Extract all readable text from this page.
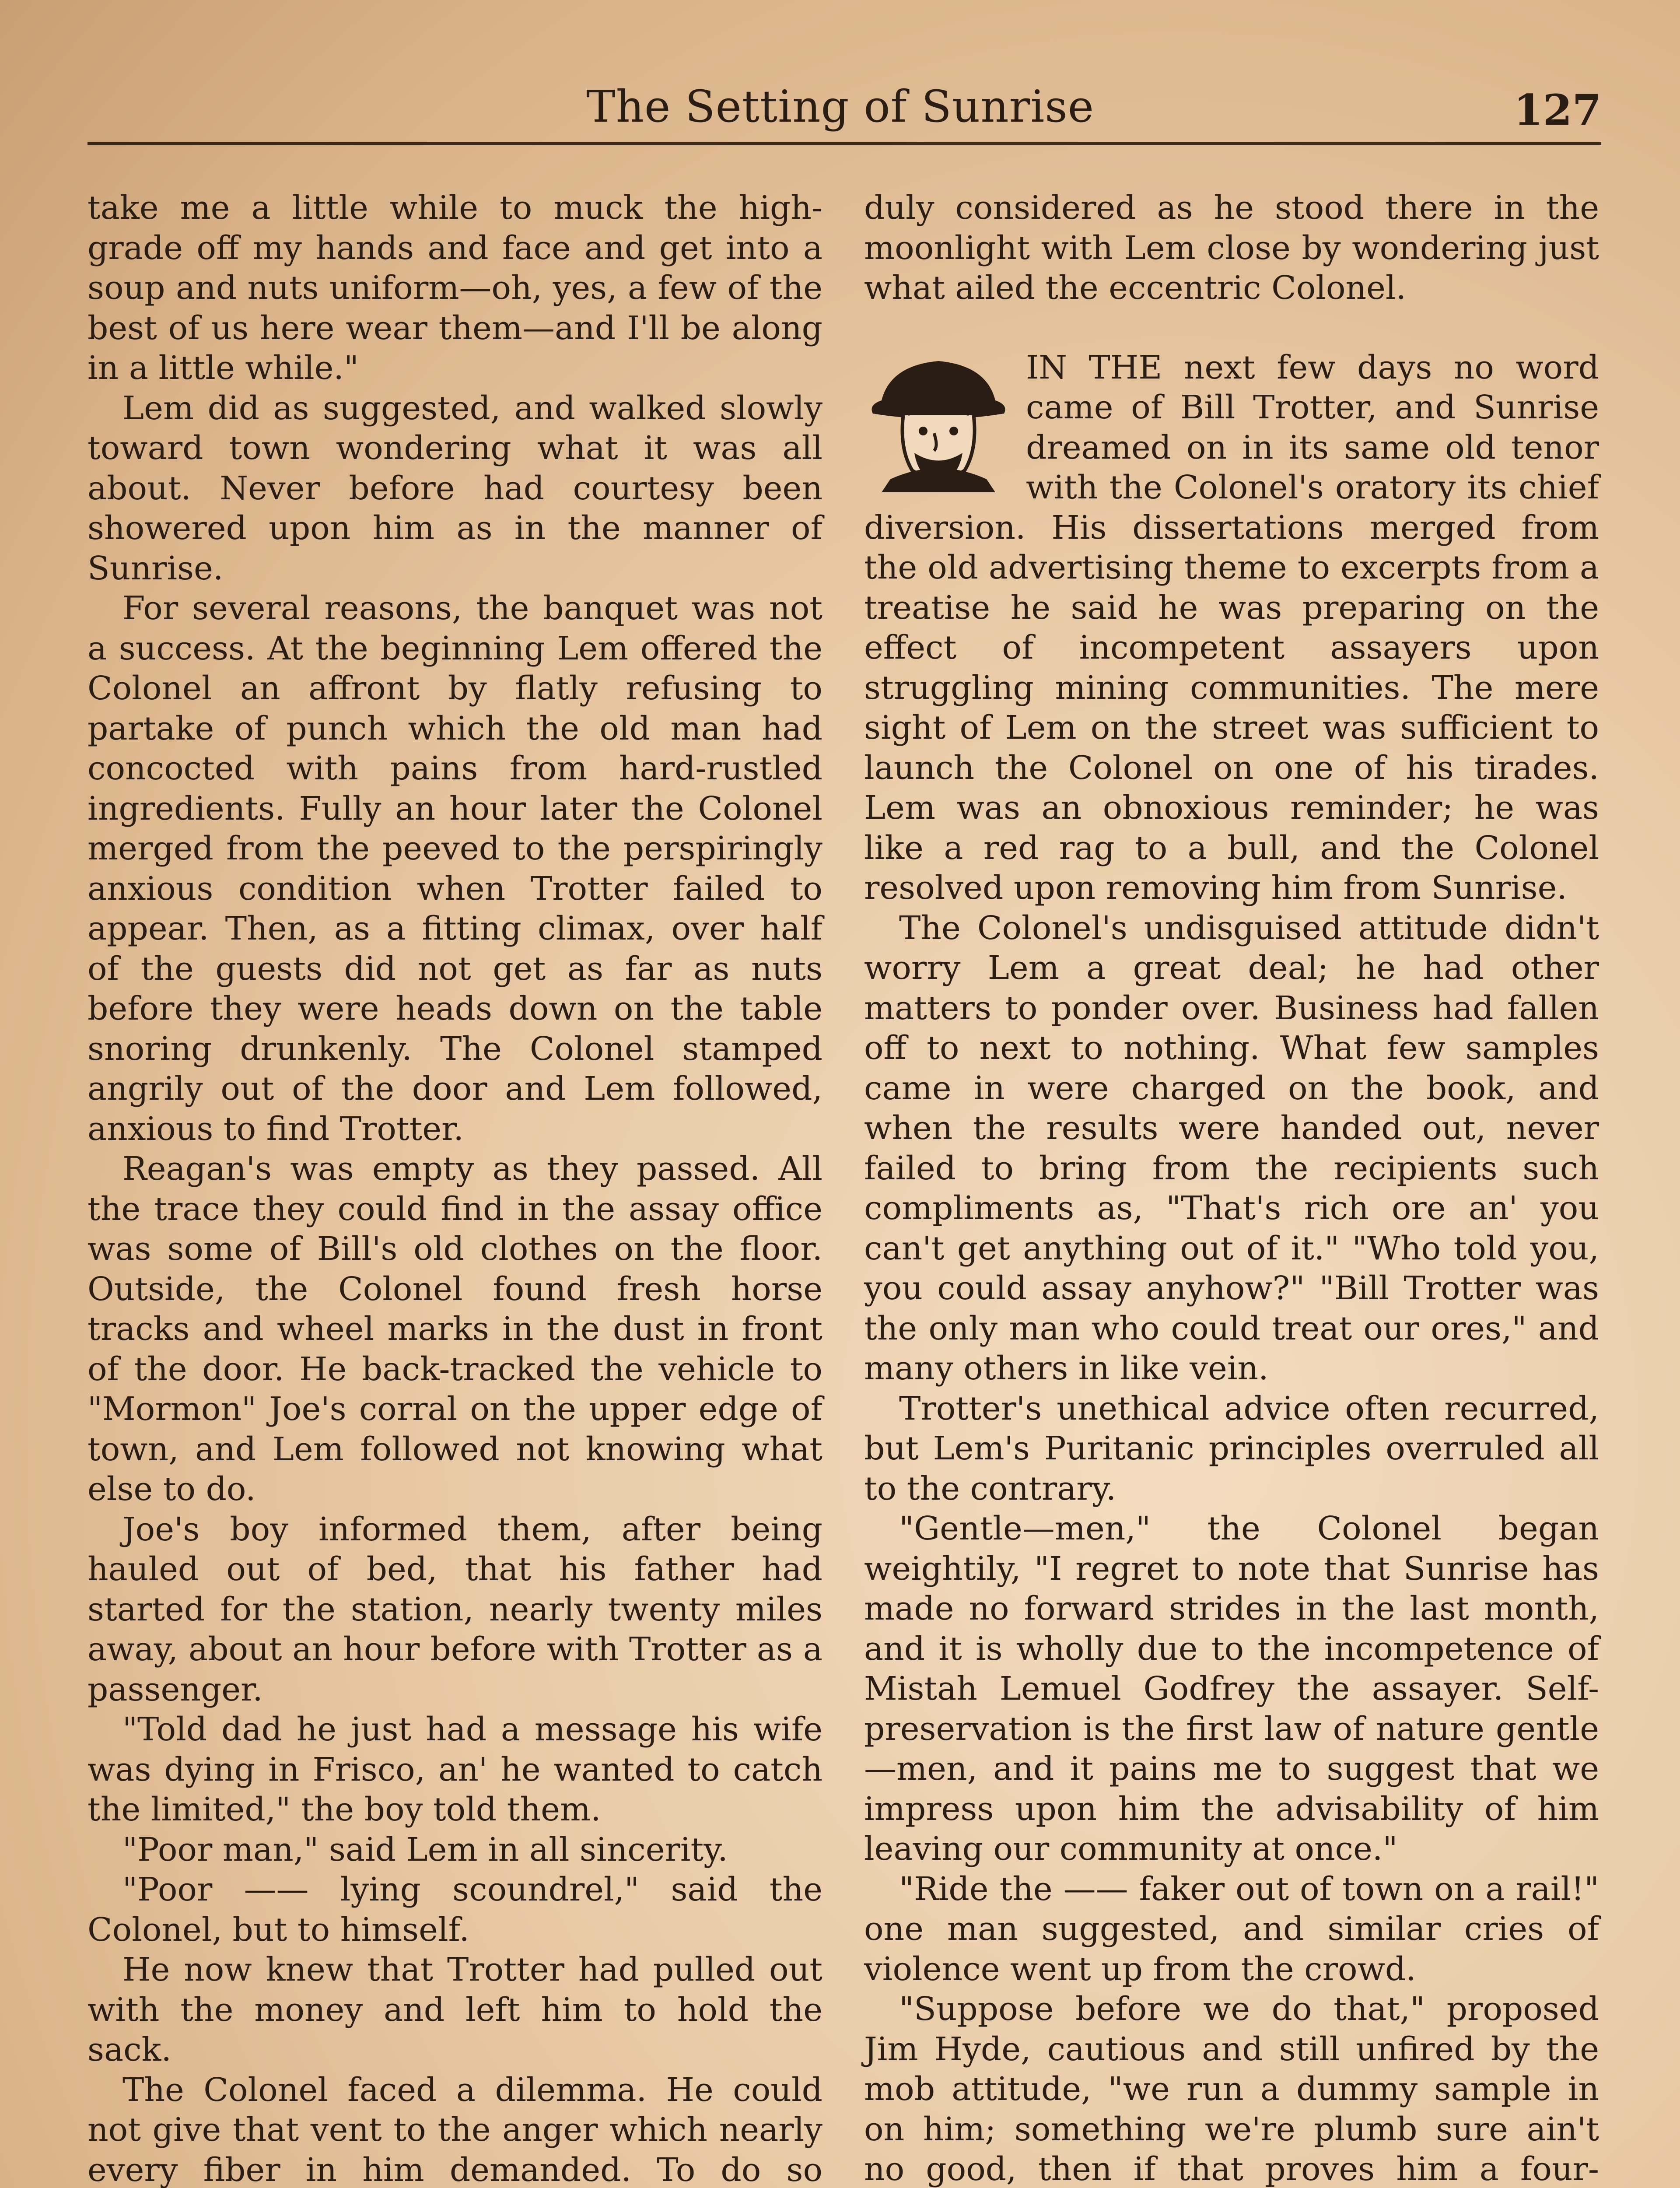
The Setting of Sunrise	127

take me a little while to muck the high-grade off my hands and face and get into a soup and nuts uniform—oh, yes, a few of the best of us here wear them—and I'll be along in a little while."

Lem did as suggested, and walked slowly toward town wondering what it was all about. Never before had courtesy been showered upon him as in the manner of Sunrise.

For several reasons, the banquet was not a success. At the beginning Lem offered the Colonel an affront by flatly refusing to partake of punch which the old man had concocted with pains from hard-rustled ingredients. Fully an hour later the Colonel merged from the peeved to the perspiringly anxious condition when Trotter failed to appear. Then, as a fitting climax, over half of the guests did not get as far as nuts before they were heads down on the table snoring drunkenly. The Colonel stamped angrily out of the door and Lem followed, anxious to find Trotter.

Reagan's was empty as they passed. All the trace they could find in the assay office was some of Bill's old clothes on the floor. Outside, the Colonel found fresh horse tracks and wheel marks in the dust in front of the door. He back-tracked the vehicle to "Mormon" Joe's corral on the upper edge of town, and Lem followed not knowing what else to do.

Joe's boy informed them, after being hauled out of bed, that his father had started for the station, nearly twenty miles away, about an hour before with Trotter as a passenger.

"Told dad he just had a message his wife was dying in Frisco, an' he wanted to catch the limited," the boy told them.

"Poor man," said Lem in all sincerity.

"Poor —— lying scoundrel," said the Colonel, but to himself.

He now knew that Trotter had pulled out with the money and left him to hold the sack.

The Colonel faced a dilemma. He could not give that vent to the anger which nearly every fiber in him demanded. To do so

duly considered as he stood there in the moonlight with Lem close by wondering just what ailed the eccentric Colonel.

IN THE next few days no word came of Bill Trotter, and Sunrise dreamed on in its same old tenor with the Colonel's oratory its chief diversion. His dissertations merged from the old advertising theme to excerpts from a treatise he said he was preparing on the effect of incompetent assayers upon struggling mining communities. The mere sight of Lem on the street was sufficient to launch the Colonel on one of his tirades. Lem was an obnoxious reminder; he was like a red rag to a bull, and the Colonel resolved upon removing him from Sunrise.

The Colonel's undisguised attitude didn't worry Lem a great deal; he had other matters to ponder over. Business had fallen off to next to nothing. What few samples came in were charged on the book, and when the results were handed out, never failed to bring from the recipients such compliments as, "That's rich ore an' you can't get anything out of it." "Who told you, you could assay anyhow?" "Bill Trotter was the only man who could treat our ores," and many others in like vein.

Trotter's unethical advice often recurred, but Lem's Puritanic principles overruled all to the contrary.

"Gentle—men," the Colonel began weightily, "I regret to note that Sunrise has made no forward strides in the last month, and it is wholly due to the incompetence of Mistah Lemuel Godfrey the assayer. Self-preservation is the first law of nature gentle—men, and it pains me to suggest that we impress upon him the advisability of him leaving our community at once."

"Ride the —— faker out of town on a rail!" one man suggested, and similar cries of violence went up from the crowd.

"Suppose before we do that," proposed Jim Hyde, cautious and still unfired by the mob attitude, "we run a dummy sample in on him; something we're plumb sure ain't no good, then if that proves him a four-
